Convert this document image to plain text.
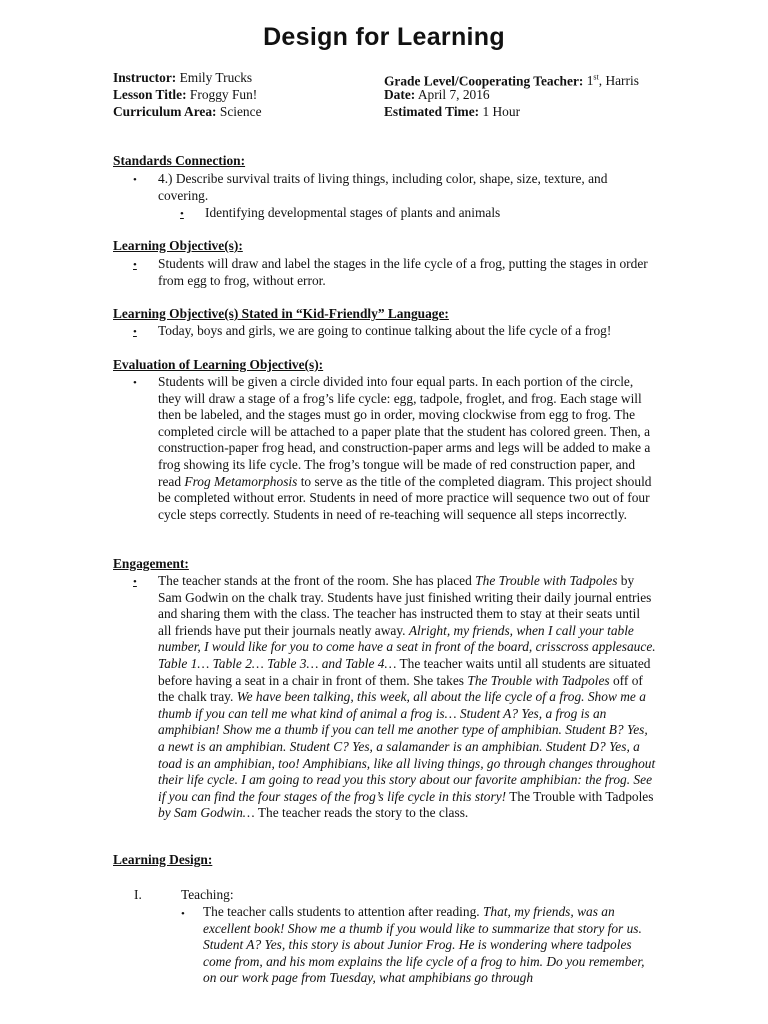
Design for Learning
Instructor: Emily Trucks	Grade Level/Cooperating Teacher: 1st, Harris
Lesson Title: Froggy Fun!	Date: April 7, 2016
Curriculum Area: Science	Estimated Time: 1 Hour
Standards Connection:
• 4.) Describe survival traits of living things, including color, shape, size, texture, and covering.
•	Identifying developmental stages of plants and animals
Learning Objective(s):
•	Students will draw and label the stages in the life cycle of a frog, putting the stages in order from egg to frog, without error.
Learning Objective(s) Stated in “Kid-Friendly” Language:
•	Today, boys and girls, we are going to continue talking about the life cycle of a frog!
Evaluation of Learning Objective(s):
• Students will be given a circle divided into four equal parts. In each portion of the circle, they will draw a stage of a frog’s life cycle: egg, tadpole, froglet, and frog. Each stage will then be labeled, and the stages must go in order, moving clockwise from egg to frog. The completed circle will be attached to a paper plate that the student has colored green. Then, a construction-paper frog head, and construction-paper arms and legs will be added to make a frog showing its life cycle. The frog’s tongue will be made of red construction paper, and read Frog Metamorphosis to serve as the title of the completed diagram. This project should be completed without error. Students in need of more practice will sequence two out of four cycle steps correctly. Students in need of re-teaching will sequence all steps incorrectly.
Engagement:
•	The teacher stands at the front of the room. She has placed The Trouble with Tadpoles by Sam Godwin on the chalk tray. Students have just finished writing their daily journal entries and sharing them with the class. The teacher has instructed them to stay at their seats until all friends have put their journals neatly away. Alright, my friends, when I call your table number, I would like for you to come have a seat in front of the board, crisscross applesauce. Table 1… Table 2… Table 3… and Table 4… The teacher waits until all students are situated before having a seat in a chair in front of them. She takes The Trouble with Tadpoles off of the chalk tray. We have been talking, this week, all about the life cycle of a frog. Show me a thumb if you can tell me what kind of animal a frog is… Student A? Yes, a frog is an amphibian! Show me a thumb if you can tell me another type of amphibian. Student B? Yes, a newt is an amphibian. Student C? Yes, a salamander is an amphibian. Student D? Yes, a toad is an amphibian, too! Amphibians, like all living things, go through changes throughout their life cycle. I am going to read you this story about our favorite amphibian: the frog. See if you can find the four stages of the frog’s life cycle in this story! The Trouble with Tadpoles by Sam Godwin… The teacher reads the story to the class.
Learning Design:
I.	Teaching:
• The teacher calls students to attention after reading. That, my friends, was an excellent book! Show me a thumb if you would like to summarize that story for us. Student A? Yes, this story is about Junior Frog. He is wondering where tadpoles come from, and his mom explains the life cycle of a frog to him. Do you remember, on our work page from Tuesday, what amphibians go through
